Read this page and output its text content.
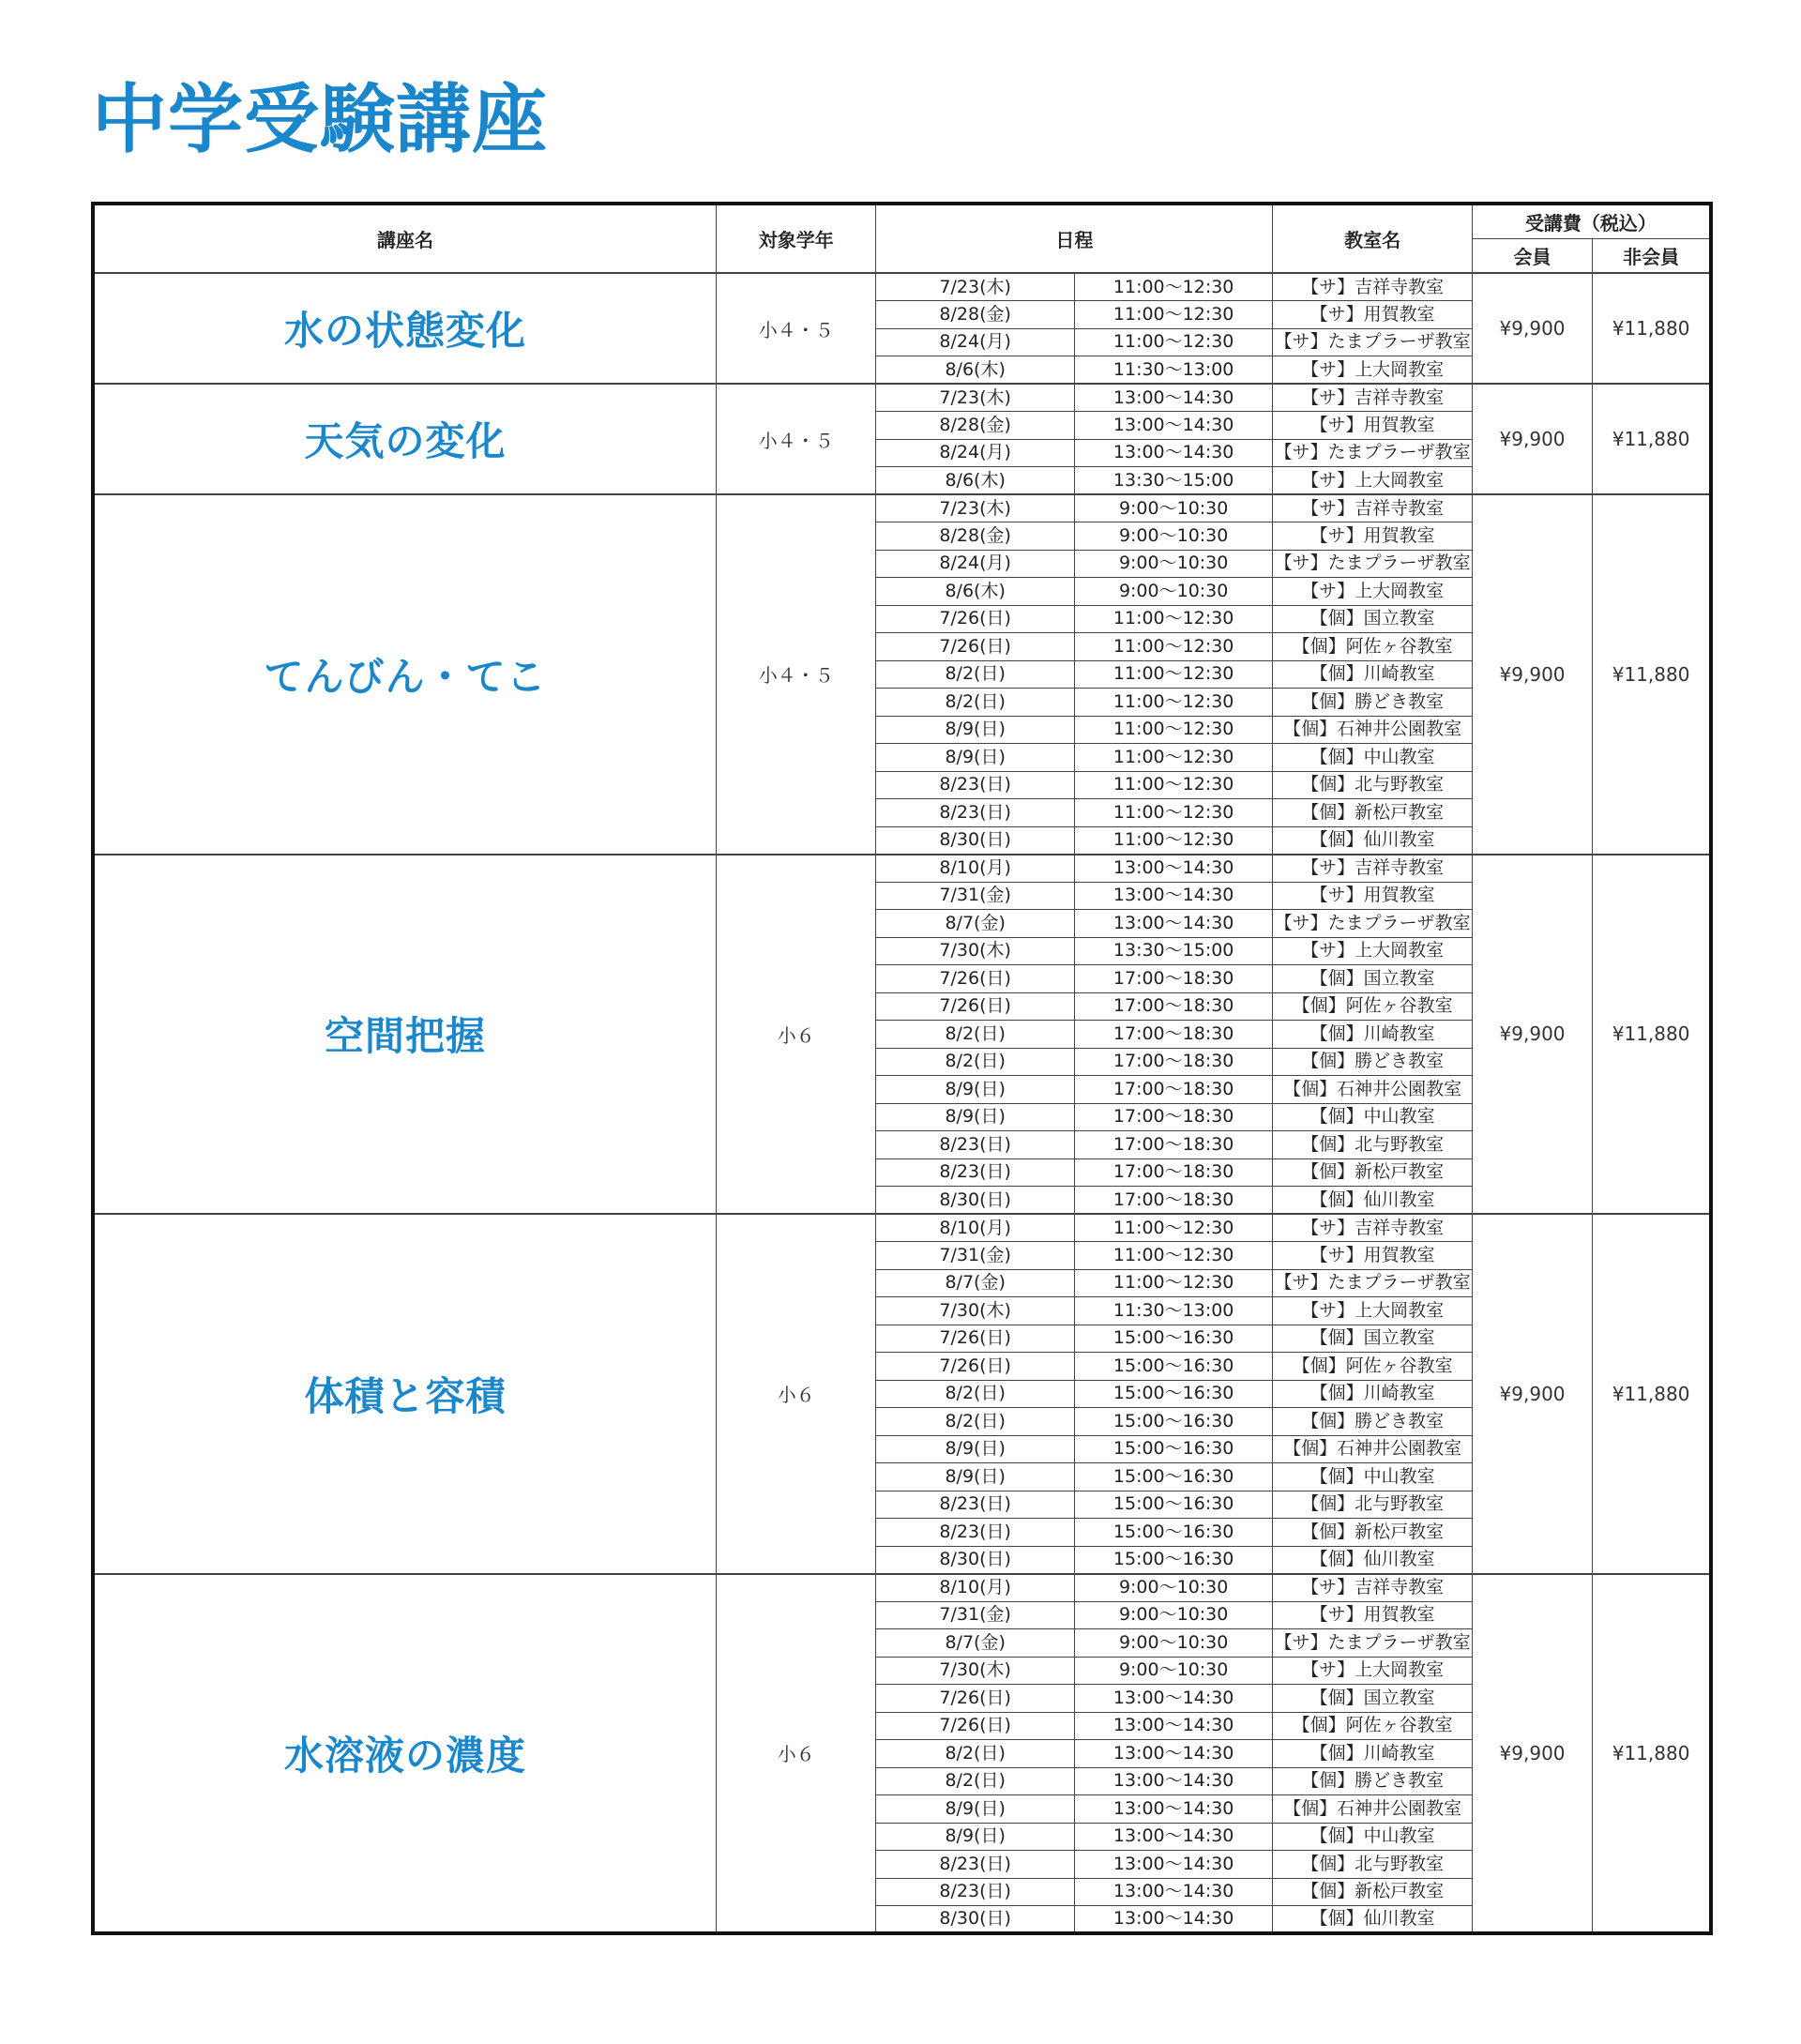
中学受験講座
講座名	対象学年	日程		教室名	受講費（税込）	
					会員	非会員
水の状態変化	小４・５	7/23(木)	11:00～12:30	【サ】吉祥寺教室	¥9,900	¥11,880
		8/28(金)	11:00～12:30	【サ】用賀教室		
		8/24(月)	11:00～12:30	【サ】たまプラーザ教室		
		8/6(木)	11:30～13:00	【サ】上大岡教室		
天気の変化	小４・５	7/23(木)	13:00～14:30	【サ】吉祥寺教室	¥9,900	¥11,880
		8/28(金)	13:00～14:30	【サ】用賀教室		
		8/24(月)	13:00～14:30	【サ】たまプラーザ教室		
		8/6(木)	13:30～15:00	【サ】上大岡教室		
てんびん・てこ	小４・５	7/23(木)	9:00～10:30	【サ】吉祥寺教室	¥9,900	¥11,880
		8/28(金)	9:00～10:30	【サ】用賀教室		
		8/24(月)	9:00～10:30	【サ】たまプラーザ教室		
		8/6(木)	9:00～10:30	【サ】上大岡教室		
		7/26(日)	11:00～12:30	【個】国立教室		
		7/26(日)	11:00～12:30	【個】阿佐ヶ谷教室		
		8/2(日)	11:00～12:30	【個】川崎教室		
		8/2(日)	11:00～12:30	【個】勝どき教室		
		8/9(日)	11:00～12:30	【個】石神井公園教室		
		8/9(日)	11:00～12:30	【個】中山教室		
		8/23(日)	11:00～12:30	【個】北与野教室		
		8/23(日)	11:00～12:30	【個】新松戸教室		
		8/30(日)	11:00～12:30	【個】仙川教室		
空間把握	小６	8/10(月)	13:00～14:30	【サ】吉祥寺教室	¥9,900	¥11,880
		7/31(金)	13:00～14:30	【サ】用賀教室		
		8/7(金)	13:00～14:30	【サ】たまプラーザ教室		
		7/30(木)	13:30～15:00	【サ】上大岡教室		
		7/26(日)	17:00～18:30	【個】国立教室		
		7/26(日)	17:00～18:30	【個】阿佐ヶ谷教室		
		8/2(日)	17:00～18:30	【個】川崎教室		
		8/2(日)	17:00～18:30	【個】勝どき教室		
		8/9(日)	17:00～18:30	【個】石神井公園教室		
		8/9(日)	17:00～18:30	【個】中山教室		
		8/23(日)	17:00～18:30	【個】北与野教室		
		8/23(日)	17:00～18:30	【個】新松戸教室		
		8/30(日)	17:00～18:30	【個】仙川教室		
体積と容積	小６	8/10(月)	11:00～12:30	【サ】吉祥寺教室	¥9,900	¥11,880
		7/31(金)	11:00～12:30	【サ】用賀教室		
		8/7(金)	11:00～12:30	【サ】たまプラーザ教室		
		7/30(木)	11:30～13:00	【サ】上大岡教室		
		7/26(日)	15:00～16:30	【個】国立教室		
		7/26(日)	15:00～16:30	【個】阿佐ヶ谷教室		
		8/2(日)	15:00～16:30	【個】川崎教室		
		8/2(日)	15:00～16:30	【個】勝どき教室		
		8/9(日)	15:00～16:30	【個】石神井公園教室		
		8/9(日)	15:00～16:30	【個】中山教室		
		8/23(日)	15:00～16:30	【個】北与野教室		
		8/23(日)	15:00～16:30	【個】新松戸教室		
		8/30(日)	15:00～16:30	【個】仙川教室		
水溶液の濃度	小６	8/10(月)	9:00～10:30	【サ】吉祥寺教室	¥9,900	¥11,880
		7/31(金)	9:00～10:30	【サ】用賀教室		
		8/7(金)	9:00～10:30	【サ】たまプラーザ教室		
		7/30(木)	9:00～10:30	【サ】上大岡教室		
		7/26(日)	13:00～14:30	【個】国立教室		
		7/26(日)	13:00～14:30	【個】阿佐ヶ谷教室		
		8/2(日)	13:00～14:30	【個】川崎教室		
		8/2(日)	13:00～14:30	【個】勝どき教室		
		8/9(日)	13:00～14:30	【個】石神井公園教室		
		8/9(日)	13:00～14:30	【個】中山教室		
		8/23(日)	13:00～14:30	【個】北与野教室		
		8/23(日)	13:00～14:30	【個】新松戸教室		
		8/30(日)	13:00～14:30	【個】仙川教室		
